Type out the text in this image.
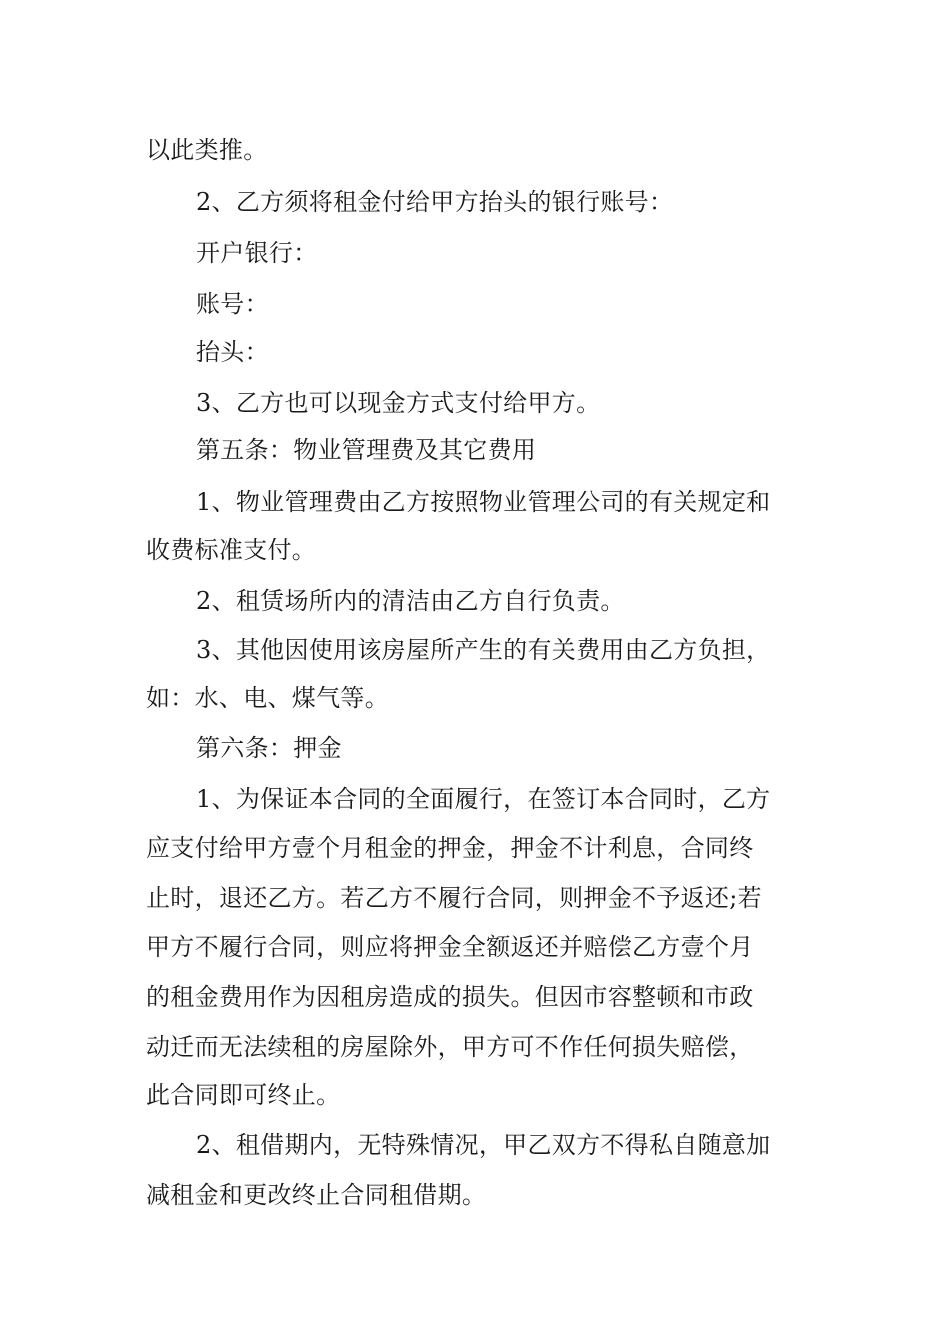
以此类推。
2、乙方须将租金付给甲方抬头的银行账号：
开户银行：
账号：
抬头：
3、乙方也可以现金方式支付给甲方。
第五条：物业管理费及其它费用
1、物业管理费由乙方按照物业管理公司的有关规定和
收费标准支付。
2、租赁场所内的清洁由乙方自行负责。
3、其他因使用该房屋所产生的有关费用由乙方负担，
如：水、电、煤气等。
第六条：押金
1、为保证本合同的全面履行，在签订本合同时，乙方
应支付给甲方壹个月租金的押金，押金不计利息，合同终
止时，退还乙方。若乙方不履行合同，则押金不予返还;若
甲方不履行合同，则应将押金全额返还并赔偿乙方壹个月
的租金费用作为因租房造成的损失。但因市容整顿和市政
动迁而无法续租的房屋除外，甲方可不作任何损失赔偿，
此合同即可终止。
2、租借期内，无特殊情况，甲乙双方不得私自随意加
减租金和更改终止合同租借期。
